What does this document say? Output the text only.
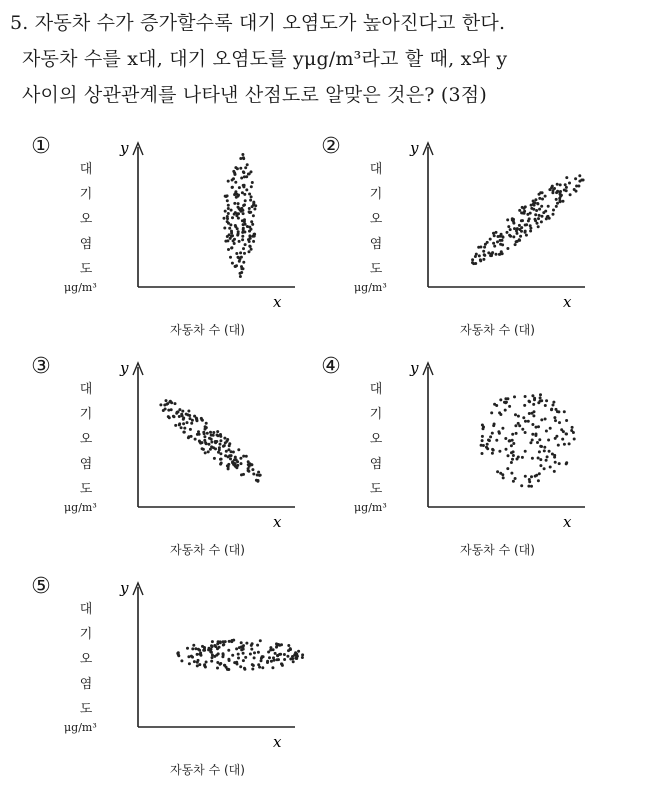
5. 자동차 수가 증가할수록 대기 오염도가 높아진다고 한다.
자동차 수를 x대, 대기 오염도를 yμg/m³라고 할 때, x와 y
사이의 상관관계를 나타낸 산점도로 알맞은 것은? (3점)
y
x
①
대
기
오
염
도
μg/m³
자동차 수 (대)
y
x
②
대
기
오
염
도
μg/m³
자동차 수 (대)
y
x
③
대
기
오
염
도
μg/m³
자동차 수 (대)
y
x
④
대
기
오
염
도
μg/m³
자동차 수 (대)
y
x
⑤
대
기
오
염
도
μg/m³
자동차 수 (대)
